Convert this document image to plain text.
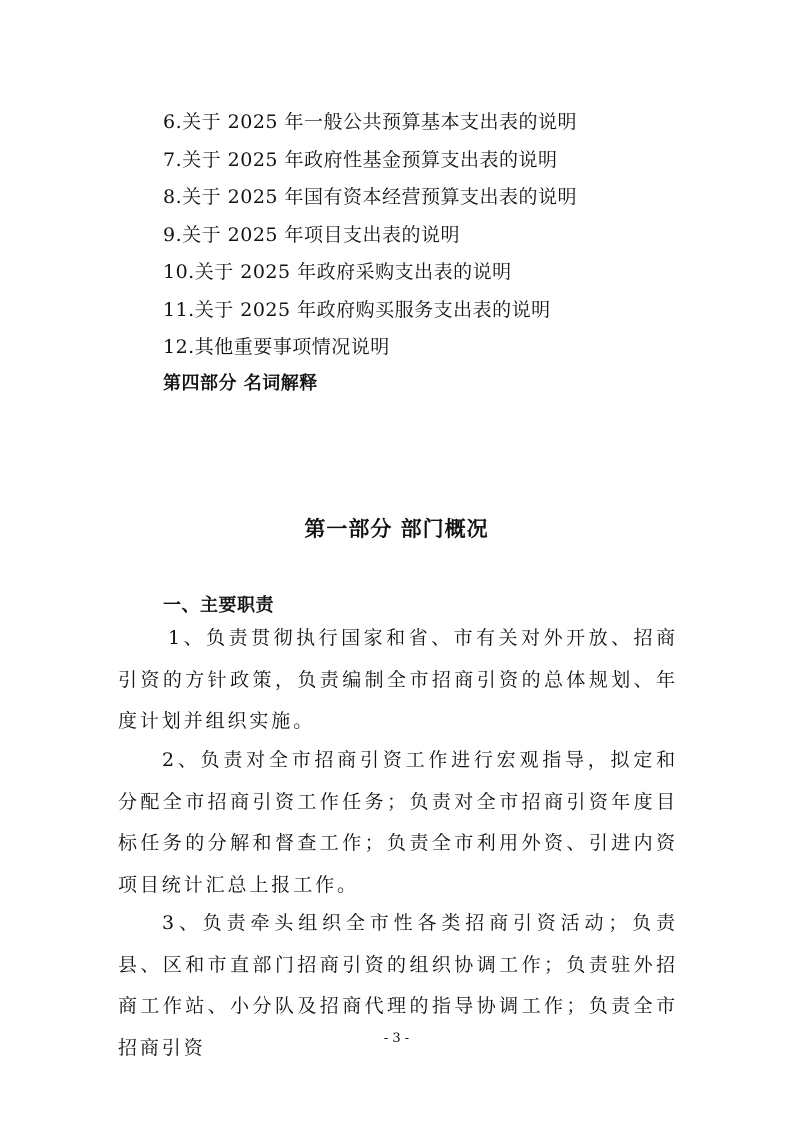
6.关于 2025 年一般公共预算基本支出表的说明
7.关于 2025 年政府性基金预算支出表的说明
8.关于 2025 年国有资本经营预算支出表的说明
9.关于 2025 年项目支出表的说明
10.关于 2025 年政府采购支出表的说明
11.关于 2025 年政府购买服务支出表的说明
12.其他重要事项情况说明
第四部分 名词解释
第一部分 部门概况
一、主要职责

1、负责贯彻执行国家和省、市有关对外开放、招商引资的方针政策，负责编制全市招商引资的总体规划、年度计划并组织实施。

2、负责对全市招商引资工作进行宏观指导，拟定和分配全市招商引资工作任务；负责对全市招商引资年度目标任务的分解和督查工作；负责全市利用外资、引进内资项目统计汇总上报工作。

3、负责牵头组织全市性各类招商引资活动；负责县、区和市直部门招商引资的组织协调工作；负责驻外招商工作站、小分队及招商代理的指导协调工作；负责全市招商引资	- 3 -
